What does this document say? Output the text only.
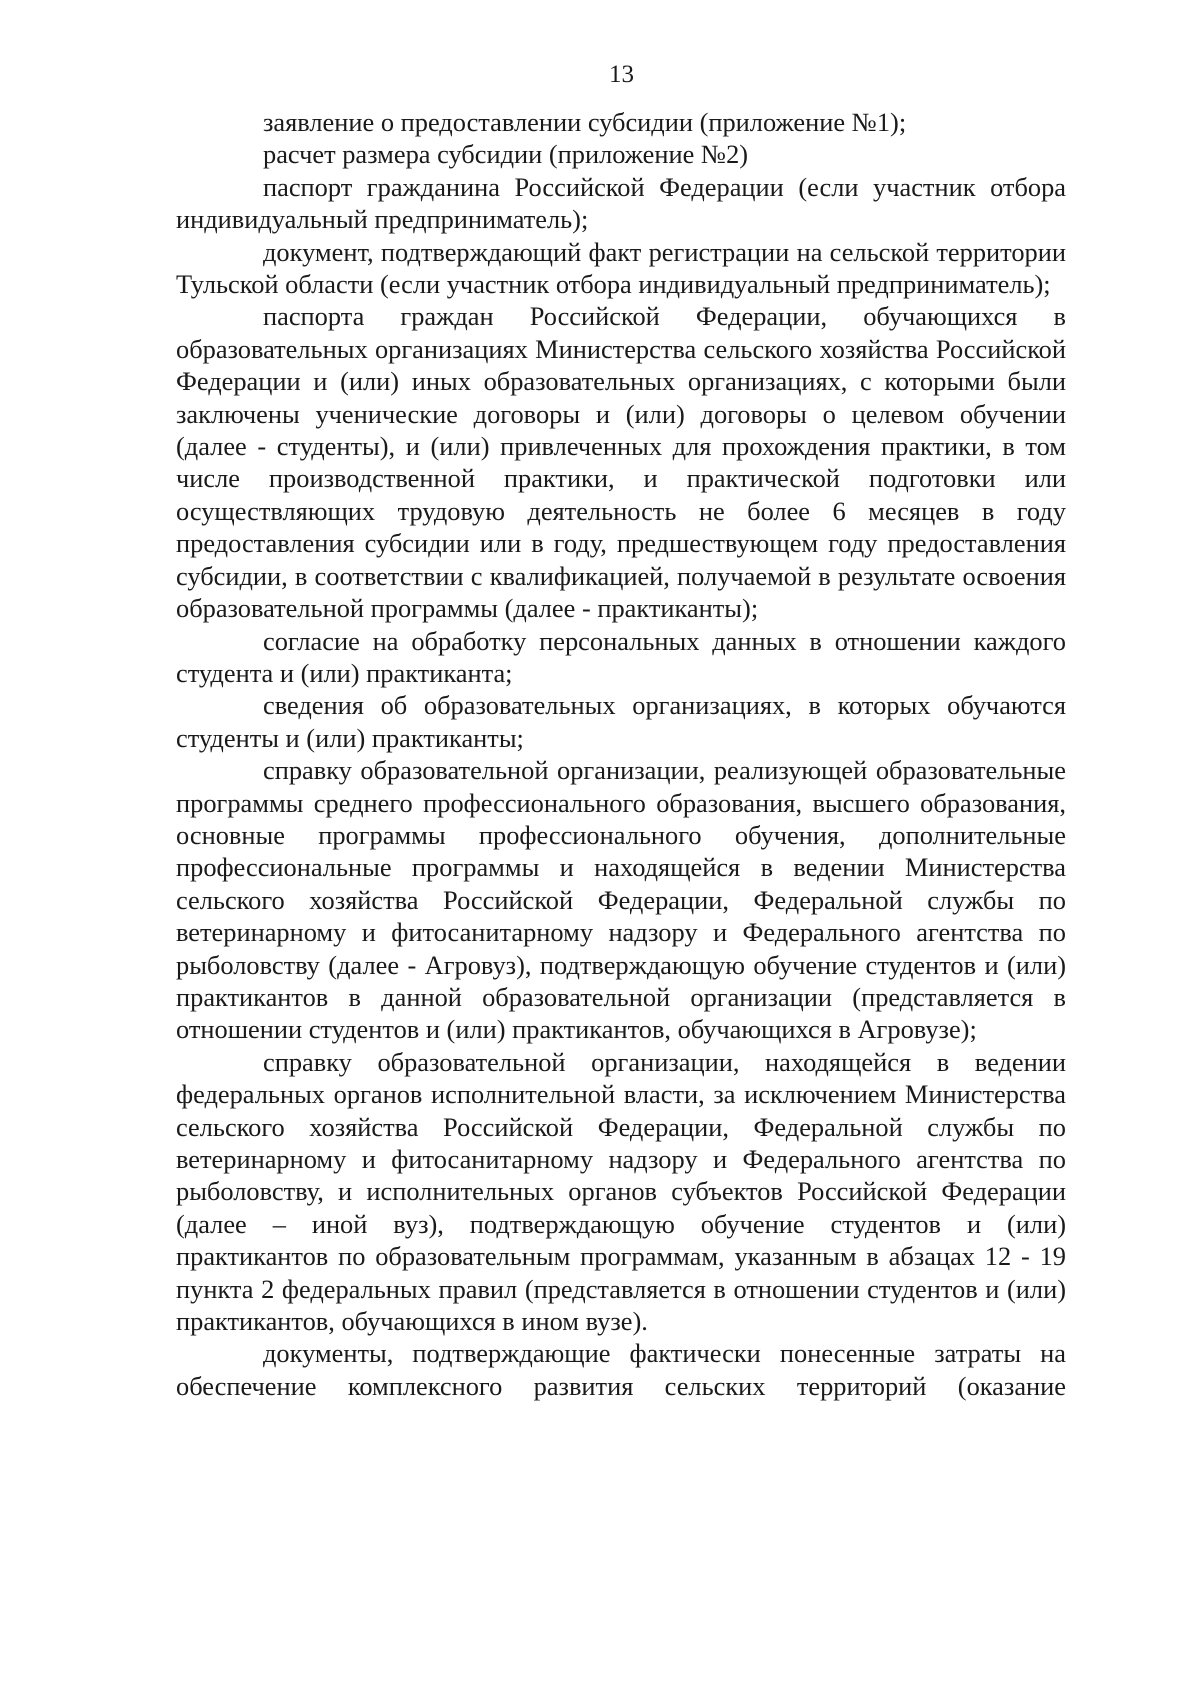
13

заявление о предоставлении субсидии (приложение №1);

расчет размера субсидии (приложение №2)

паспорт гражданина Российской Федерации (если участник отбора индивидуальный предприниматель);

документ, подтверждающий факт регистрации на сельской территории Тульской области (если участник отбора индивидуальный предприниматель);

паспорта граждан Российской Федерации, обучающихся в образовательных организациях Министерства сельского хозяйства Российской Федерации и (или) иных образовательных организациях, с которыми были заключены ученические договоры и (или) договоры о целевом обучении (далее - студенты), и (или) привлеченных для прохождения практики, в том числе производственной практики, и практической подготовки или осуществляющих трудовую деятельность не более 6 месяцев в году предоставления субсидии или в году, предшествующем году предоставления субсидии, в соответствии с квалификацией, получаемой в результате освоения образовательной программы (далее - практиканты);

согласие на обработку персональных данных в отношении каждого студента и (или) практиканта;

сведения об образовательных организациях, в которых обучаются студенты и (или) практиканты;

справку образовательной организации, реализующей образовательные программы среднего профессионального образования, высшего образования, основные программы профессионального обучения, дополнительные профессиональные программы и находящейся в ведении Министерства сельского хозяйства Российской Федерации, Федеральной службы по ветеринарному и фитосанитарному надзору и Федерального агентства по рыболовству (далее - Агровуз), подтверждающую обучение студентов и (или) практикантов в данной образовательной организации (представляется в отношении студентов и (или) практикантов, обучающихся в Агровузе);

справку образовательной организации, находящейся в ведении федеральных органов исполнительной власти, за исключением Министерства сельского хозяйства Российской Федерации, Федеральной службы по ветеринарному и фитосанитарному надзору и Федерального агентства по рыболовству, и исполнительных органов субъектов Российской Федерации (далее – иной вуз), подтверждающую обучение студентов и (или) практикантов по образовательным программам, указанным в абзацах 12 - 19 пункта 2 федеральных правил (представляется в отношении студентов и (или) практикантов, обучающихся в ином вузе).

документы, подтверждающие фактически понесенные затраты на обеспечение комплексного развития сельских территорий (оказание
